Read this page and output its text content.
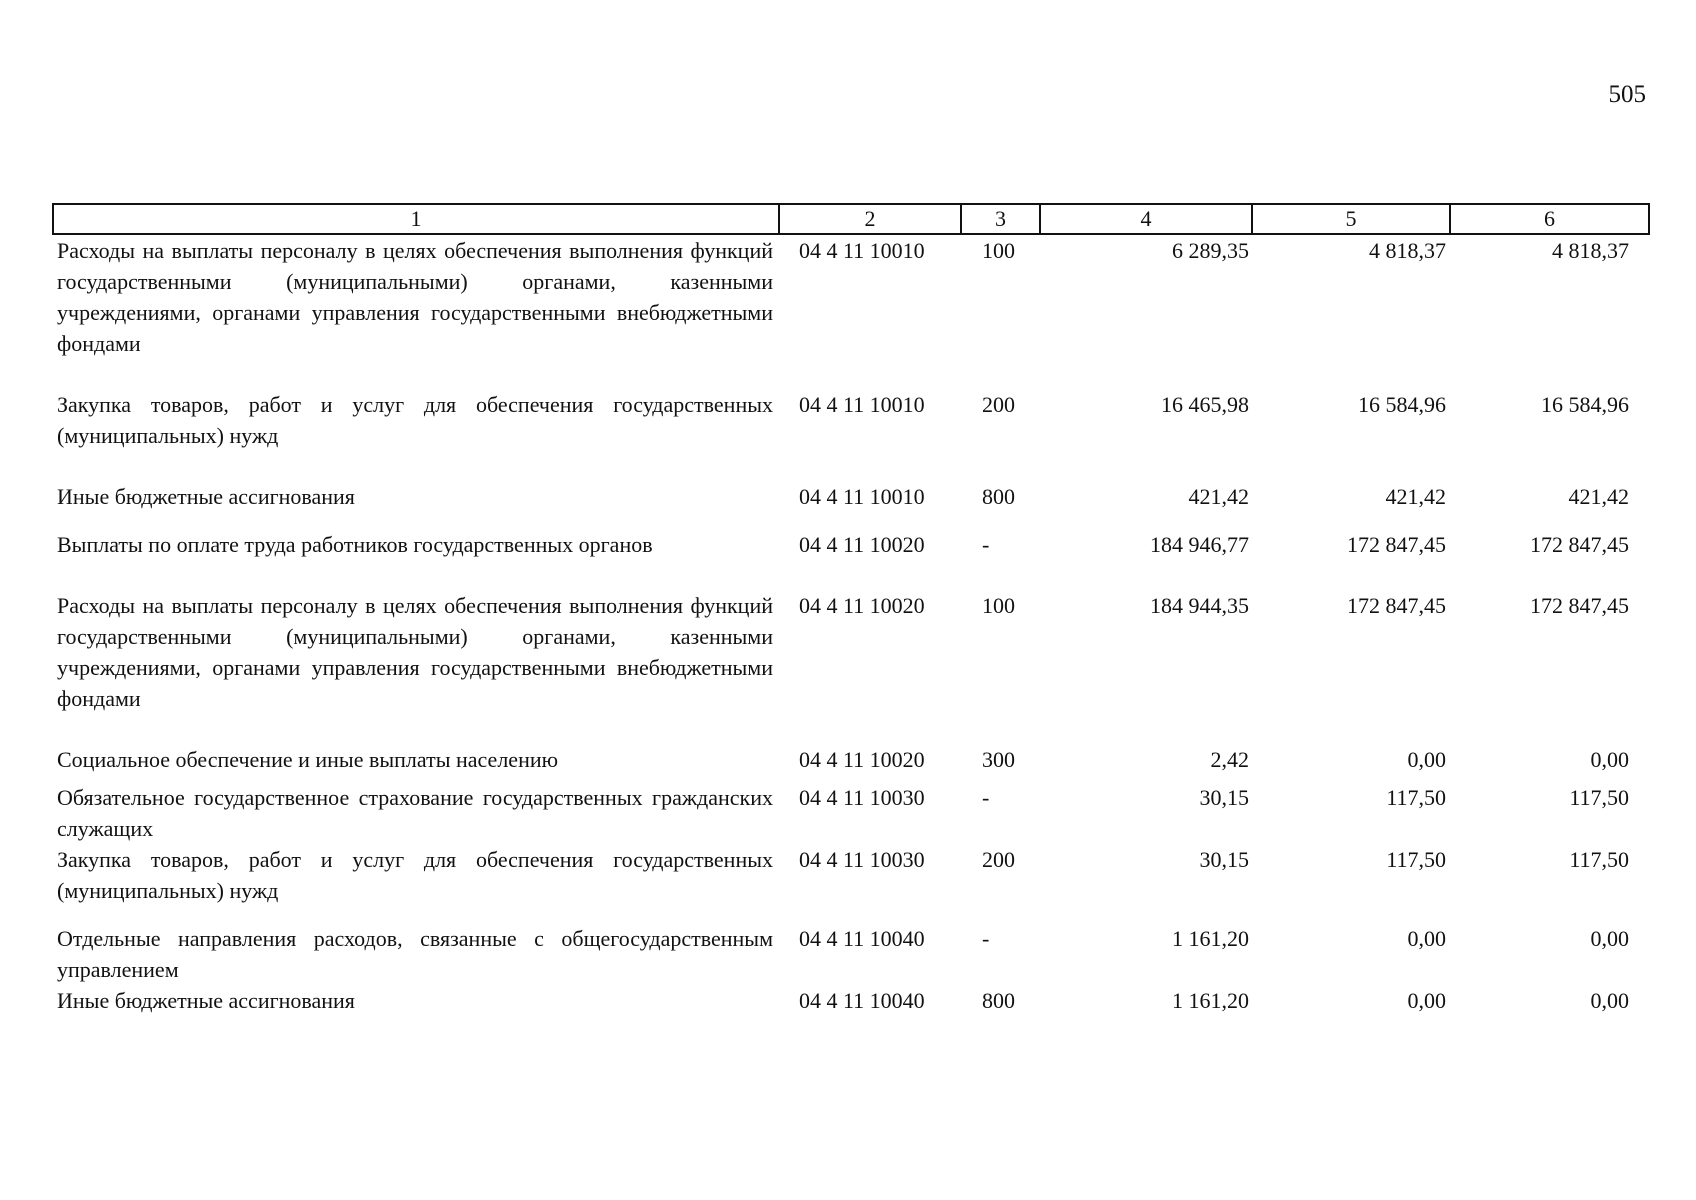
505
1	2	3	4	5	6
Расходы на выплаты персоналу в целях обеспечения выполнения функций государственными (муниципальными) органами, казенными учреждениями, органами управления государственными внебюджетными фондами	04 4 11 10010	100	6 289,35	4 818,37	4 818,37
Закупка товаров, работ и услуг для обеспечения государственных (муниципальных) нужд	04 4 11 10010	200	16 465,98	16 584,96	16 584,96
Иные бюджетные ассигнования	04 4 11 10010	800	421,42	421,42	421,42
Выплаты по оплате труда работников государственных органов	04 4 11 10020	-	184 946,77	172 847,45	172 847,45
Расходы на выплаты персоналу в целях обеспечения выполнения функций государственными (муниципальными) органами, казенными учреждениями, органами управления государственными внебюджетными фондами	04 4 11 10020	100	184 944,35	172 847,45	172 847,45
Социальное обеспечение и иные выплаты населению	04 4 11 10020	300	2,42	0,00	0,00
Обязательное государственное страхование государственных гражданских служащих	04 4 11 10030	-	30,15	117,50	117,50
Закупка товаров, работ и услуг для обеспечения государственных (муниципальных) нужд	04 4 11 10030	200	30,15	117,50	117,50
Отдельные направления расходов, связанные с общегосударственным управлением	04 4 11 10040	-	1 161,20	0,00	0,00
Иные бюджетные ассигнования	04 4 11 10040	800	1 161,20	0,00	0,00
